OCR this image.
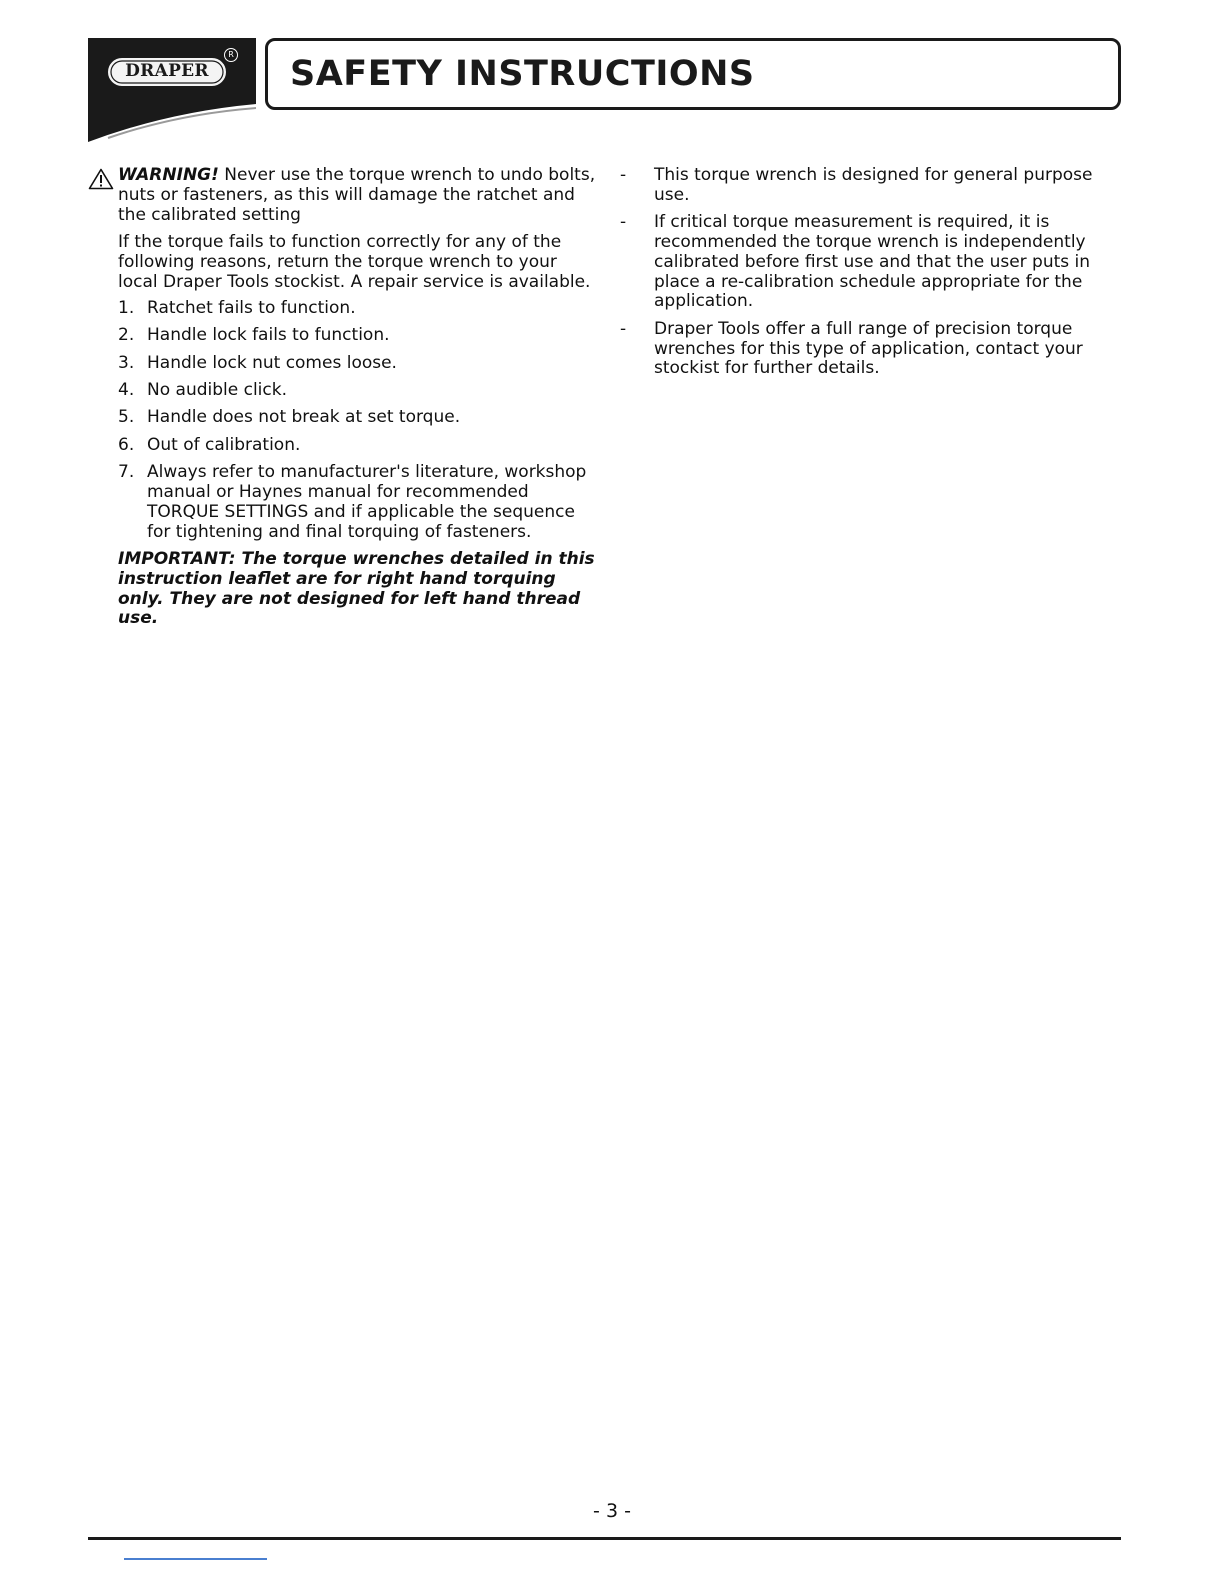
DRAPER
R SAFETY INSTRUCTIONS
WARNING! Never use the torque wrench to undo bolts, nuts or fasteners, as this will damage the ratchet and the calibrated setting
If the torque fails to function correctly for any of the following reasons, return the torque wrench to your local Draper Tools stockist. A repair service is available.
1. Ratchet fails to function.
2. Handle lock fails to function.
3. Handle lock nut comes loose.
4. No audible click.
5. Handle does not break at set torque.
6. Out of calibration.
7. Always refer to manufacturer's literature, workshop manual or Haynes manual for recommended TORQUE SETTINGS and if applicable the sequence for tightening and final torquing of fasteners.
IMPORTANT: The torque wrenches detailed in this instruction leaflet are for right hand torquing only. They are not designed for left hand thread use.
- This torque wrench is designed for general purpose use.
- If critical torque measurement is required, it is recommended the torque wrench is independently calibrated before first use and that the user puts in place a re-calibration schedule appropriate for the application.
- Draper Tools offer a full range of precision torque wrenches for this type of application, contact your stockist for further details.
- 3 -
